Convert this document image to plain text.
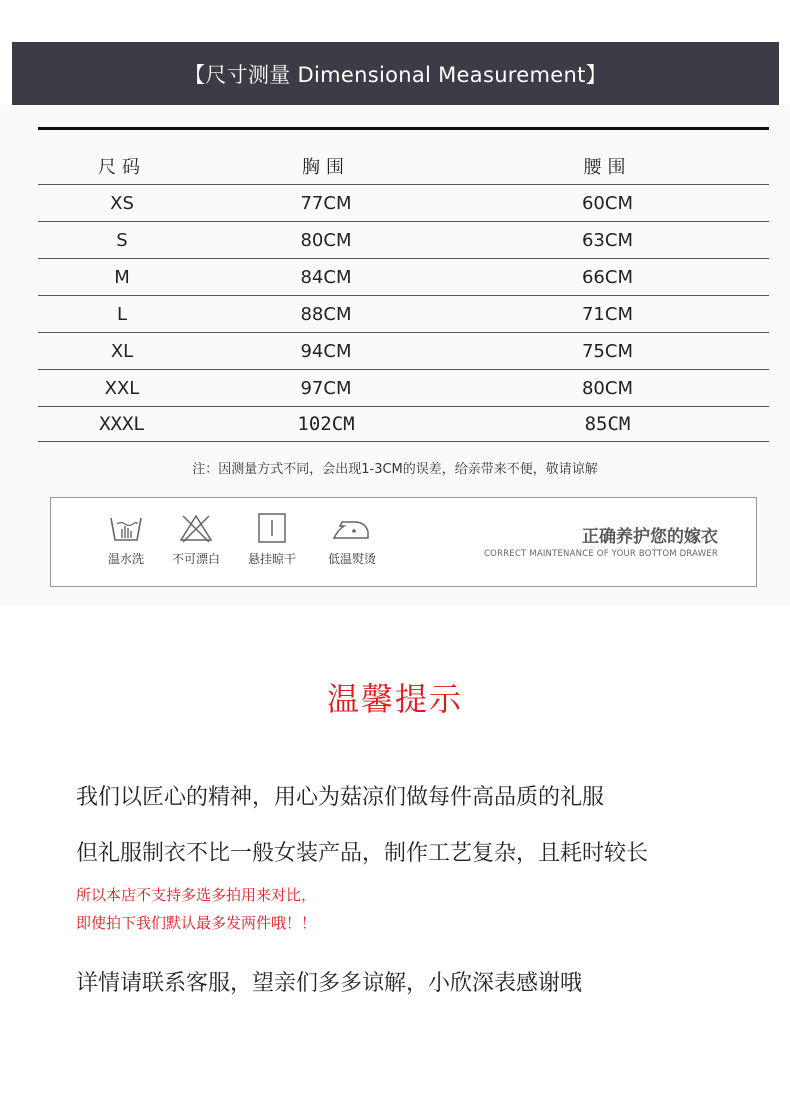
【尺寸测量 Dimensional Measurement】
尺码	胸围	腰围
XS	77CM	60CM
S	80CM	63CM
M	84CM	66CM
L	88CM	71CM
XL	94CM	75CM
XXL	97CM	80CM
XXXL	102CM	85CM
注：因测量方式不同，会出现1-3CM的误差，给亲带来不便，敬请谅解
温水洗	不可漂白	悬挂晾干	低温熨烫
正确养护您的嫁衣
CORRECT MAINTENANCE OF YOUR BOTTOM DRAWER
温馨提示
我们以匠心的精神，用心为菇凉们做每件高品质的礼服
但礼服制衣不比一般女装产品，制作工艺复杂，且耗时较长
所以本店不支持多选多拍用来对比，
即使拍下我们默认最多发两件哦！！
详情请联系客服，望亲们多多谅解，小欣深表感谢哦
